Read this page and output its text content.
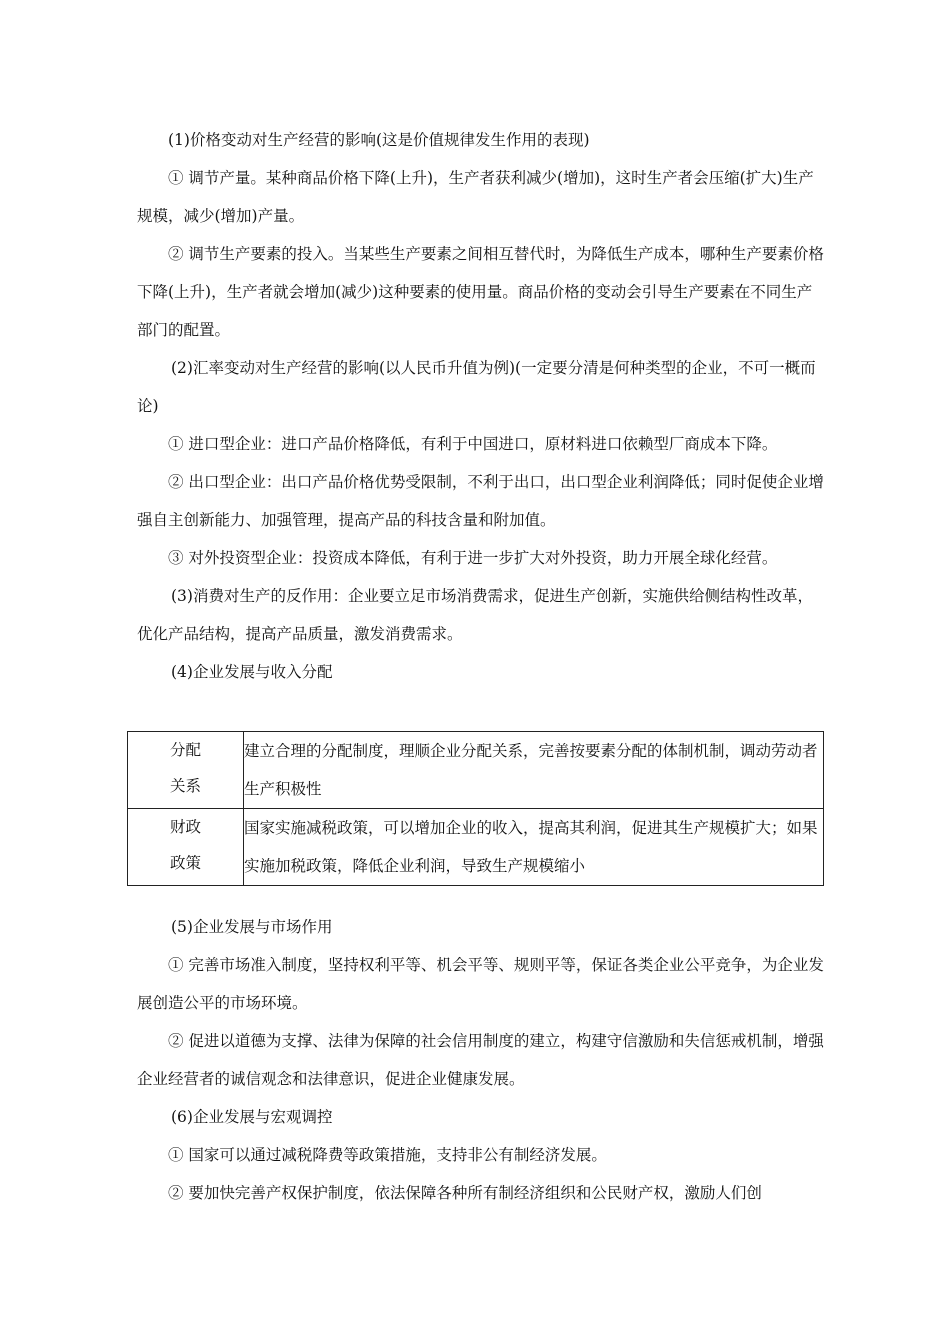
(1)价格变动对生产经营的影响(这是价值规律发生作用的表现)

① 调节产量。某种商品价格下降(上升)，生产者获利减少(增加)，这时生产者会压缩(扩大)生产规模，减少(增加)产量。

② 调节生产要素的投入。当某些生产要素之间相互替代时，为降低生产成本，哪种生产要素价格下降(上升)，生产者就会增加(减少)这种要素的使用量。商品价格的变动会引导生产要素在不同生产部门的配置。

(2)汇率变动对生产经营的影响(以人民币升值为例)(一定要分清是何种类型的企业，不可一概而论)

① 进口型企业：进口产品价格降低，有利于中国进口，原材料进口依赖型厂商成本下降。

② 出口型企业：出口产品价格优势受限制，不利于出口，出口型企业利润降低；同时促使企业增强自主创新能力、加强管理，提高产品的科技含量和附加值。

③ 对外投资型企业：投资成本降低，有利于进一步扩大对外投资，助力开展全球化经营。

(3)消费对生产的反作用：企业要立足市场消费需求，促进生产创新，实施供给侧结构性改革，优化产品结构，提高产品质量，激发消费需求。

(4)企业发展与收入分配

分配
关系	建立合理的分配制度，理顺企业分配关系，完善按要素分配的体制机制，调动劳动者生产积极性

财政
政策	国家实施减税政策，可以增加企业的收入，提高其利润，促进其生产规模扩大；如果实施加税政策，降低企业利润，导致生产规模缩小

(5)企业发展与市场作用

① 完善市场准入制度，坚持权利平等、机会平等、规则平等，保证各类企业公平竞争，为企业发展创造公平的市场环境。

② 促进以道德为支撑、法律为保障的社会信用制度的建立，构建守信激励和失信惩戒机制，增强企业经营者的诚信观念和法律意识，促进企业健康发展。

(6)企业发展与宏观调控

① 国家可以通过减税降费等政策措施，支持非公有制经济发展。

② 要加快完善产权保护制度，依法保障各种所有制经济组织和公民财产权，激励人们创
